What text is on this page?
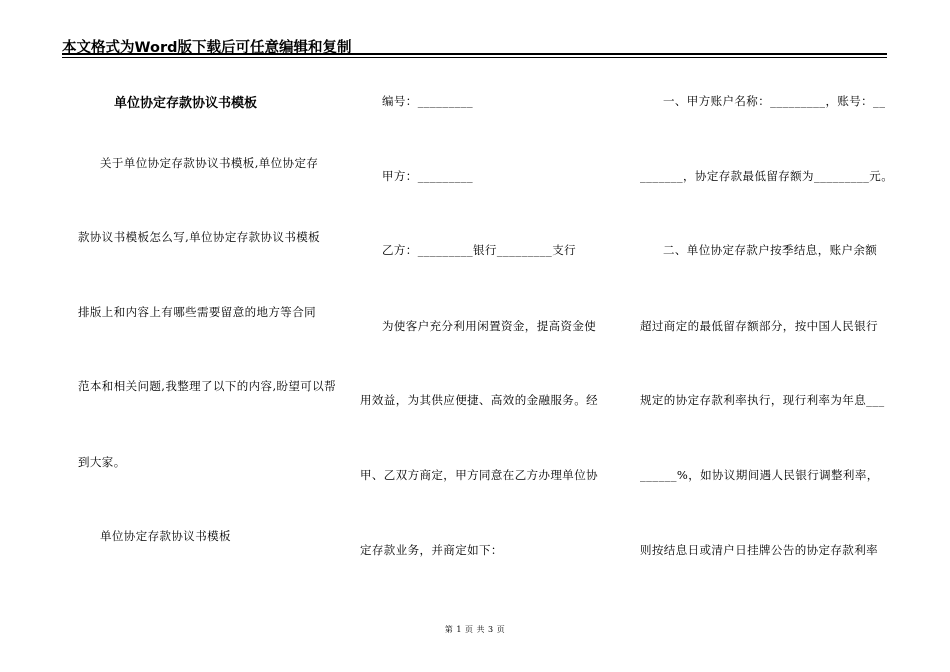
本文格式为Word版下载后可任意编辑和复制
单位协定存款协议书模板
关于单位协定存款协议书模板,单位协定存
款协议书模板怎么写,单位协定存款协议书模板
排版上和内容上有哪些需要留意的地方等合同
范本和相关问题,我整理了以下的内容,盼望可以帮
到大家。
单位协定存款协议书模板
编号：_________
甲方：_________
乙方：_________银行_________支行
为使客户充分利用闲置资金，提高资金使
用效益，为其供应便捷、高效的金融服务。经
甲、乙双方商定，甲方同意在乙方办理单位协
定存款业务，并商定如下：
一、甲方账户名称：_________，账号：__
_______，协定存款最低留存额为_________元。
二、单位协定存款户按季结息，账户余额
超过商定的最低留存额部分，按中国人民银行
规定的协定存款利率执行，现行利率为年息___
______%，如协议期间遇人民银行调整利率，
则按结息日或清户日挂牌公告的协定存款利率
第 1 页 共 3 页
